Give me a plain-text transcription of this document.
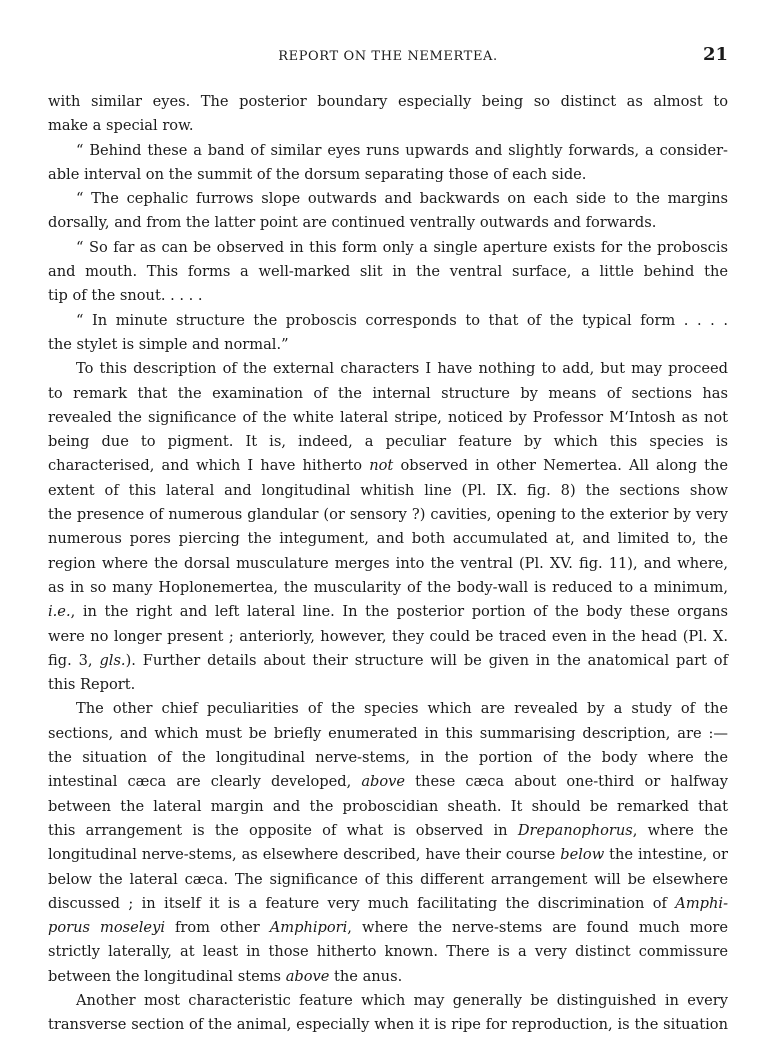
REPORT ON THE NEMERTEA.	21
with similar eyes. The posterior boundary especially being so distinct as almost to
make a special row.
“ Behind these a band of similar eyes runs upwards and slightly forwards, a consider-
able interval on the summit of the dorsum separating those of each side.
“ The cephalic furrows slope outwards and backwards on each side to the margins
dorsally, and from the latter point are continued ventrally outwards and forwards.
“ So far as can be observed in this form only a single aperture exists for the proboscis
and mouth. This forms a well-marked slit in the ventral surface, a little behind the
tip of the snout. . . . .
“ In minute structure the proboscis corresponds to that of the typical form . . . .
the stylet is simple and normal.”
To this description of the external characters I have nothing to add, but may proceed
to remark that the examination of the internal structure by means of sections has
revealed the significance of the white lateral stripe, noticed by Professor M‘Intosh as not
being due to pigment. It is, indeed, a peculiar feature by which this species is
characterised, and which I have hitherto not observed in other Nemertea. All along the
extent of this lateral and longitudinal whitish line (Pl. IX. fig. 8) the sections show
the presence of numerous glandular (or sensory ?) cavities, opening to the exterior by very
numerous pores piercing the integument, and both accumulated at, and limited to, the
region where the dorsal musculature merges into the ventral (Pl. XV. fig. 11), and where,
as in so many Hoplonemertea, the muscularity of the body-wall is reduced to a minimum,
i.e., in the right and left lateral line. In the posterior portion of the body these organs
were no longer present ; anteriorly, however, they could be traced even in the head (Pl. X.
fig. 3, gls.). Further details about their structure will be given in the anatomical part of
this Report.
The other chief peculiarities of the species which are revealed by a study of the
sections, and which must be briefly enumerated in this summarising description, are :—
the situation of the longitudinal nerve-stems, in the portion of the body where the
intestinal cæca are clearly developed, above these cæca about one-third or halfway
between the lateral margin and the proboscidian sheath. It should be remarked that
this arrangement is the opposite of what is observed in Drepanophorus, where the
longitudinal nerve-stems, as elsewhere described, have their course below the intestine, or
below the lateral cæca. The significance of this different arrangement will be elsewhere
discussed ; in itself it is a feature very much facilitating the discrimination of Amphi-
porus moseleyi from other Amphipori, where the nerve-stems are found much more
strictly laterally, at least in those hitherto known. There is a very distinct commissure
between the longitudinal stems above the anus.
Another most characteristic feature which may generally be distinguished in every
transverse section of the animal, especially when it is ripe for reproduction, is the situation
